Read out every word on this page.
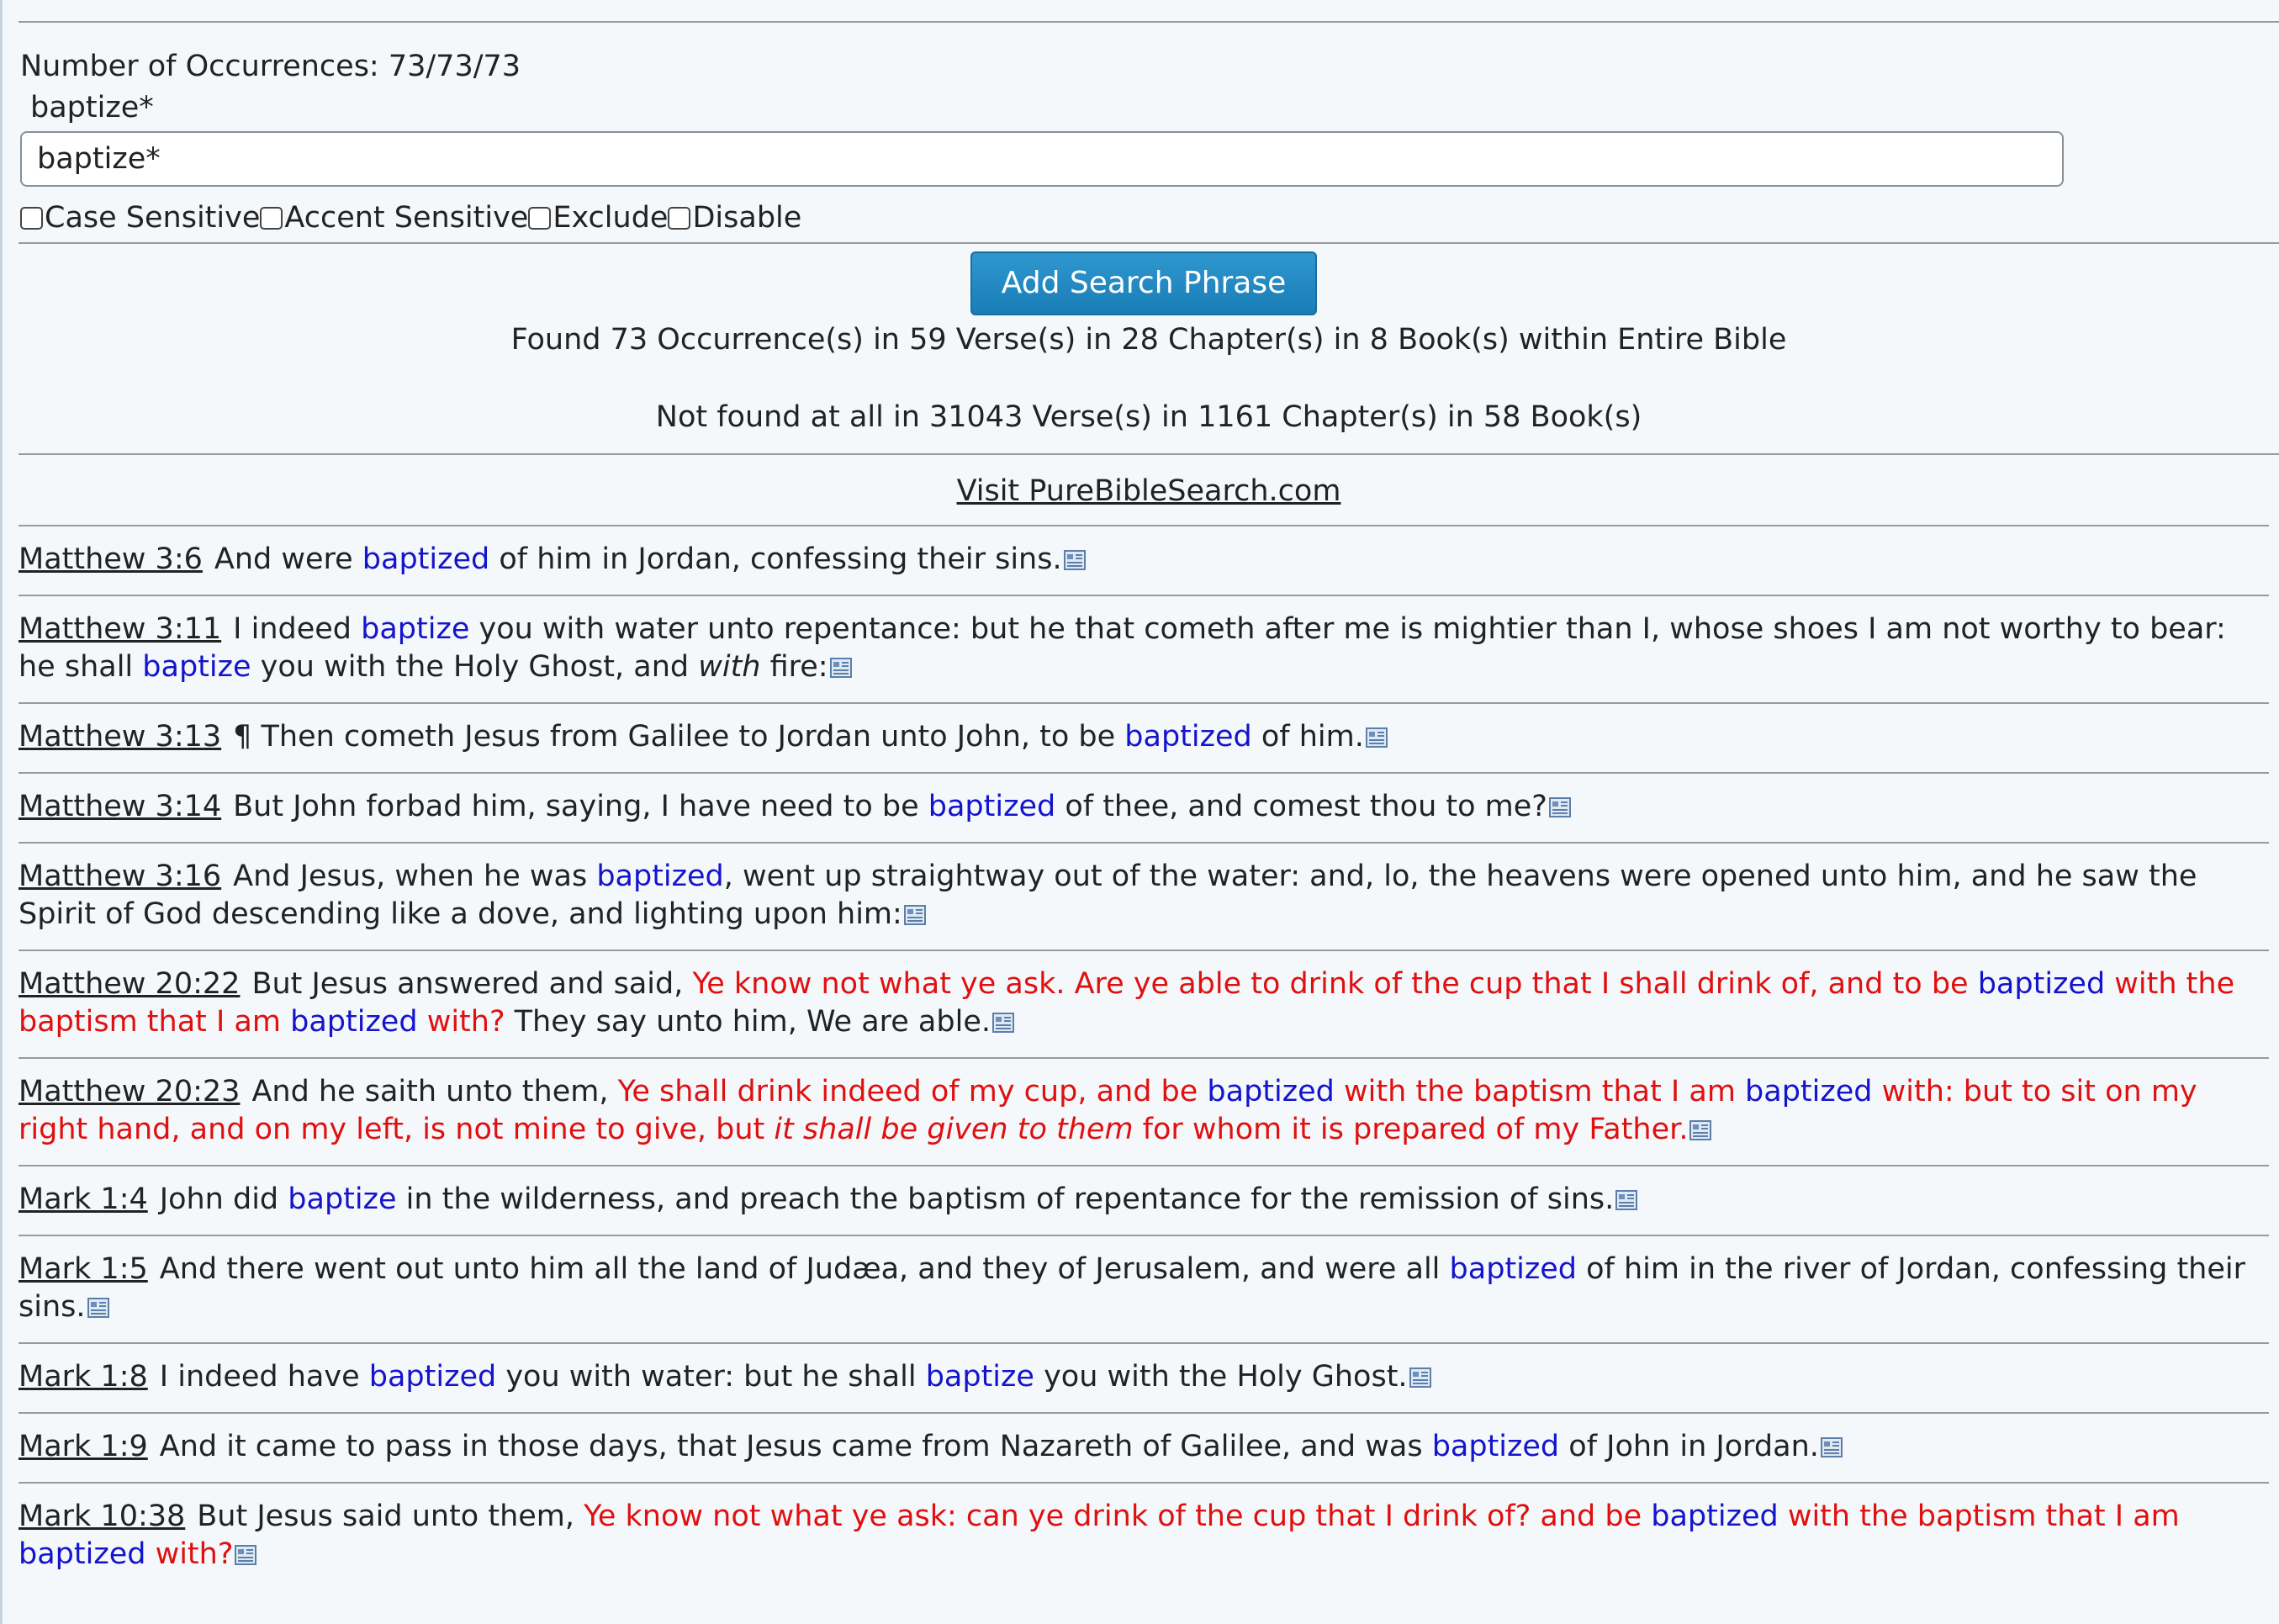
Number of Occurrences: 73/73/73
baptize*
baptize*
Case Sensitive Accent Sensitive Exclude Disable
Add Search Phrase
Found 73 Occurrence(s) in 59 Verse(s) in 28 Chapter(s) in 8 Book(s) within Entire Bible
Not found at all in 31043 Verse(s) in 1161 Chapter(s) in 58 Book(s)
Visit PureBibleSearch.com
Matthew 3:6 And were baptized of him in Jordan, confessing their sins.
Matthew 3:11 I indeed baptize you with water unto repentance: but he that cometh after me is mightier than I, whose shoes I am not worthy to bear: he shall baptize you with the Holy Ghost, and with fire:
Matthew 3:13 ¶ Then cometh Jesus from Galilee to Jordan unto John, to be baptized of him.
Matthew 3:14 But John forbad him, saying, I have need to be baptized of thee, and comest thou to me?
Matthew 3:16 And Jesus, when he was baptized, went up straightway out of the water: and, lo, the heavens were opened unto him, and he saw the Spirit of God descending like a dove, and lighting upon him:
Matthew 20:22 But Jesus answered and said, Ye know not what ye ask. Are ye able to drink of the cup that I shall drink of, and to be baptized with the baptism that I am baptized with? They say unto him, We are able.
Matthew 20:23 And he saith unto them, Ye shall drink indeed of my cup, and be baptized with the baptism that I am baptized with: but to sit on my right hand, and on my left, is not mine to give, but it shall be given to them for whom it is prepared of my Father.
Mark 1:4 John did baptize in the wilderness, and preach the baptism of repentance for the remission of sins.
Mark 1:5 And there went out unto him all the land of Judæa, and they of Jerusalem, and were all baptized of him in the river of Jordan, confessing their sins.
Mark 1:8 I indeed have baptized you with water: but he shall baptize you with the Holy Ghost.
Mark 1:9 And it came to pass in those days, that Jesus came from Nazareth of Galilee, and was baptized of John in Jordan.
Mark 10:38 But Jesus said unto them, Ye know not what ye ask: can ye drink of the cup that I drink of? and be baptized with the baptism that I am baptized with?
